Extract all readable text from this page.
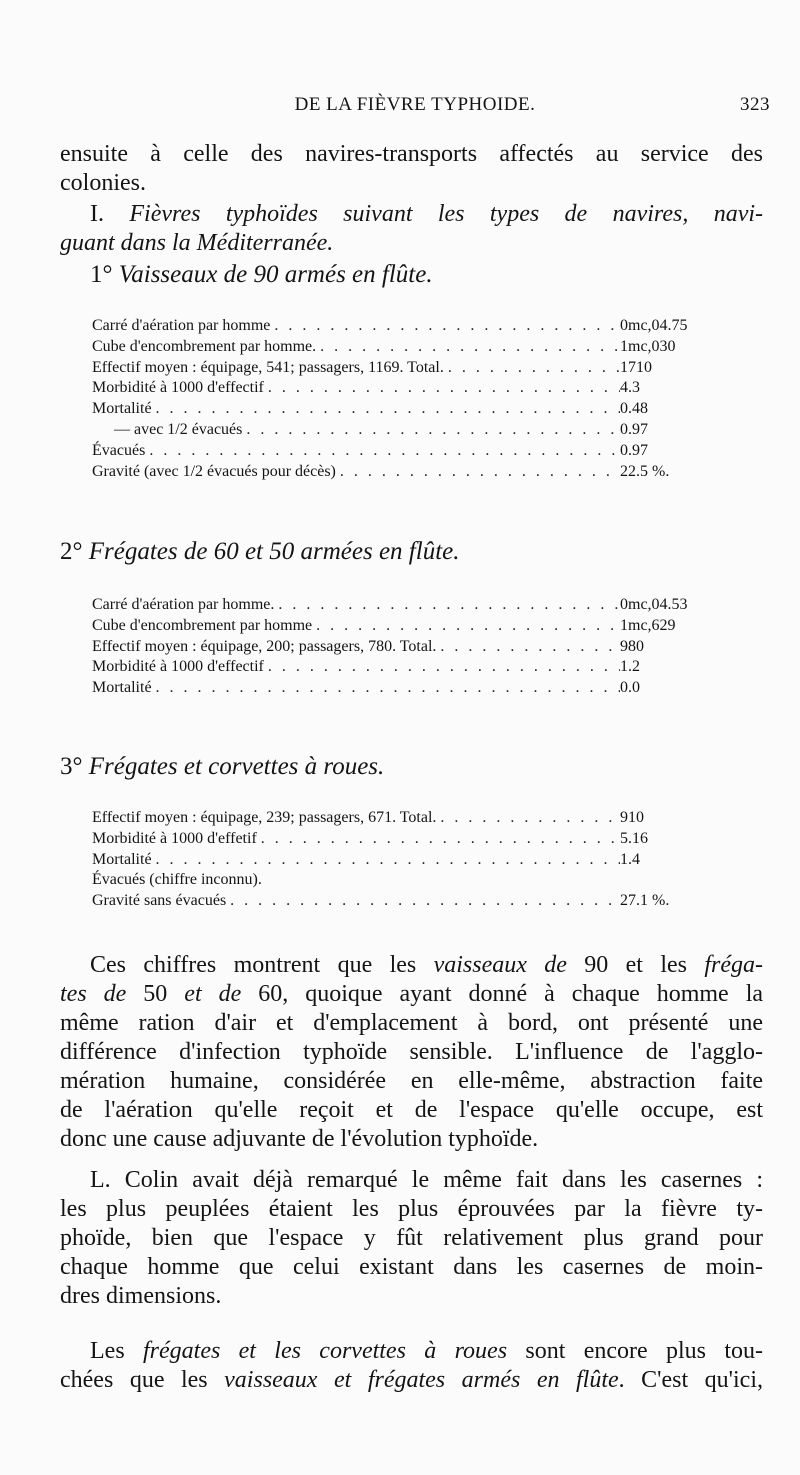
DE LA FIÈVRE TYPHOIDE.	323
ensuite à celle des navires-transports affectés au service des
colonies.
I. Fièvres typhoïdes suivant les types de navires, navi-
guant dans la Méditerranée.
1° Vaisseaux de 90 armés en flûte.
Carré d'aération par homme . . .	0mc,04.75
Cube d'encombrement par homme. . . .	1mc,030
Effectif moyen : équipage, 541; passagers, 1169. Total. . . .	1710
Morbidité à 1000 d'effectif . . .	4.3
Mortalité . . .	0.48
— avec 1/2 évacués . . .	0.97
Évacués . . .	0.97
Gravité (avec 1/2 évacués pour décès) . . .	22.5 %.
2° Frégates de 60 et 50 armées en flûte.
Carré d'aération par homme. . . .	0mc,04.53
Cube d'encombrement par homme . . .	1mc,629
Effectif moyen : équipage, 200; passagers, 780. Total. . . .	980
Morbidité à 1000 d'effectif . . .	1.2
Mortalité . . .	0.0
3° Frégates et corvettes à roues.
Effectif moyen : équipage, 239; passagers, 671. Total. . . .	910
Morbidité à 1000 d'effetif . . .	5.16
Mortalité . . .	1.4
Évacués (chiffre inconnu).
Gravité sans évacués . . .	27.1 %.
Ces chiffres montrent que les vaisseaux de 90 et les fréga-
tes de 50 et de 60, quoique ayant donné à chaque homme la
même ration d'air et d'emplacement à bord, ont présenté une
différence d'infection typhoïde sensible. L'influence de l'agglo-
mération humaine, considérée en elle-même, abstraction faite
de l'aération qu'elle reçoit et de l'espace qu'elle occupe, est
donc une cause adjuvante de l'évolution typhoïde.
L. Colin avait déjà remarqué le même fait dans les casernes :
les plus peuplées étaient les plus éprouvées par la fièvre ty-
phoïde, bien que l'espace y fût relativement plus grand pour
chaque homme que celui existant dans les casernes de moin-
dres dimensions.
Les frégates et les corvettes à roues sont encore plus tou-
chées que les vaisseaux et frégates armés en flûte. C'est qu'ici,
